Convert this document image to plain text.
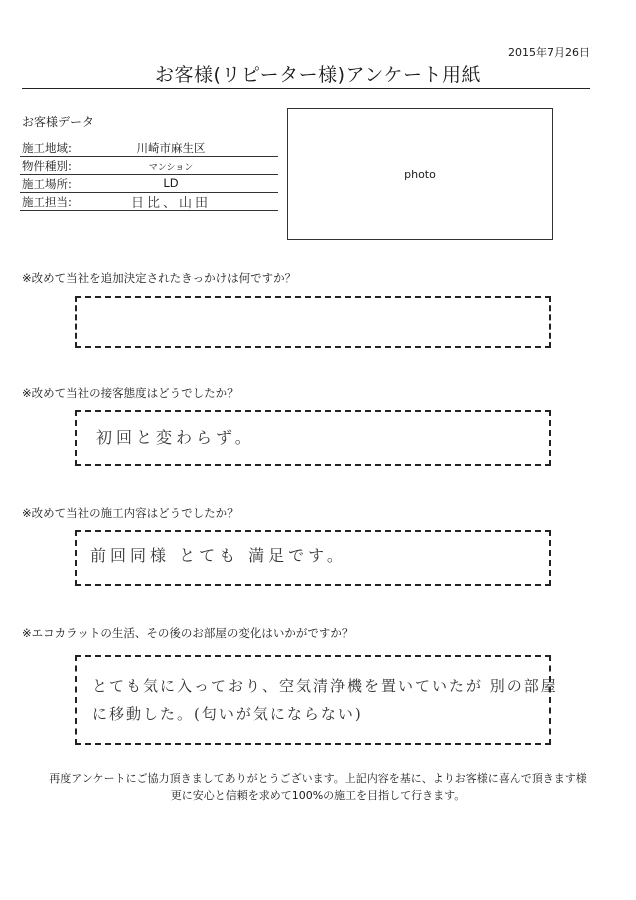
2015年7月26日
お客様(リピーター様)アンケート用紙
お客様データ
施工地域:	川崎市麻生区
物件種別:	マンション
施工場所:	LD
施工担当:	日比、山田
photo
※改めて当社を追加決定されたきっかけは何ですか？
※改めて当社の接客態度はどうでしたか？
初回と変わらず。
※改めて当社の施工内容はどうでしたか？
前回同様 とても 満足です。
※エコカラットの生活、その後のお部屋の変化はいかがですか？
とても気に入っており、空気清浄機を置いていたが 別の部屋
に移動した。(匂いが気にならない)
再度アンケートにご協力頂きましてありがとうございます。上記内容を基に、よりお客様に喜んで頂きます様
更に安心と信頼を求めて100%の施工を目指して行きます。
